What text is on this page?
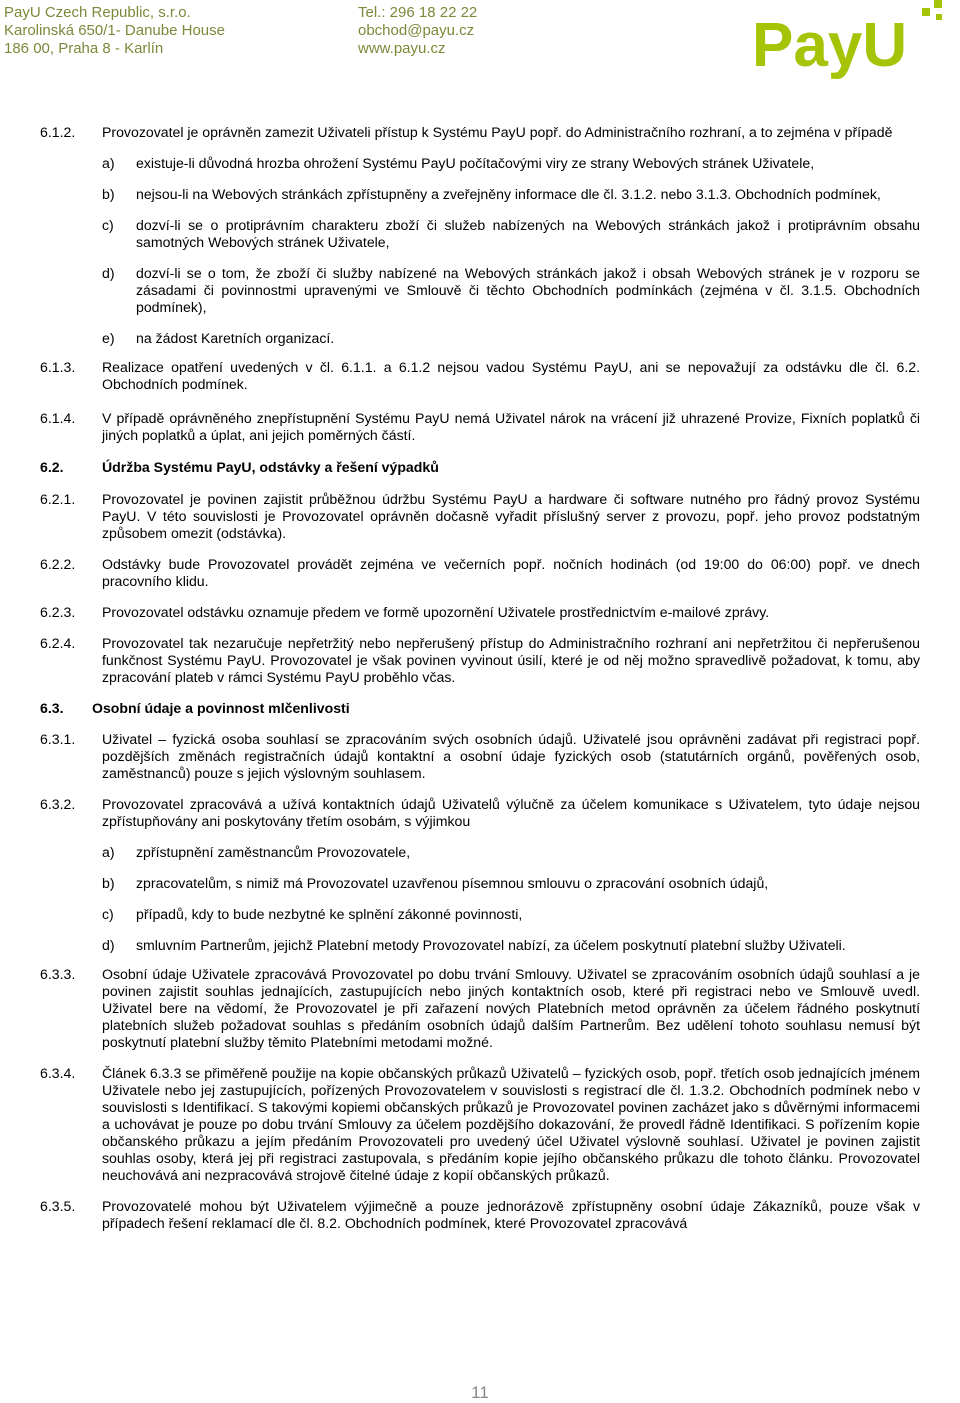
PayU Czech Republic, s.r.o.
Karolinská 650/1- Danube House
186 00, Praha 8 - Karlín
Tel.: 296 18 22 22
obchod@payu.cz
www.payu.cz	PayU
6.1.2.	Provozovatel je oprávněn zamezit Uživateli přístup k Systému PayU popř. do Administračního rozhraní, a to zejména v případě
a)	existuje-li důvodná hrozba ohrožení Systému PayU počítačovými viry ze strany Webových stránek Uživatele,
b)	nejsou-li na Webových stránkách zpřístupněny a zveřejněny informace dle čl. 3.1.2. nebo 3.1.3. Obchodních podmínek,
c)	dozví-li se o protiprávním charakteru zboží či služeb nabízených na Webových stránkách jakož i protiprávním obsahu samotných Webových stránek Uživatele,
d)	dozví-li se o tom, že zboží či služby nabízené na Webových stránkách jakož i obsah Webových stránek je v rozporu se zásadami či povinnostmi upravenými ve Smlouvě či těchto Obchodních podmínkách (zejména v čl. 3.1.5. Obchodních podmínek),
e)	na žádost Karetních organizací.
6.1.3.	Realizace opatření uvedených v čl. 6.1.1. a 6.1.2 nejsou vadou Systému PayU, ani se nepovažují za odstávku dle čl. 6.2. Obchodních podmínek.
6.1.4.	V případě oprávněného znepřístupnění Systému PayU nemá Uživatel nárok na vrácení již uhrazené Provize, Fixních poplatků či jiných poplatků a úplat, ani jejich poměrných částí.
6.2.	Údržba Systému PayU, odstávky a řešení výpadků
6.2.1.	Provozovatel je povinen zajistit průběžnou údržbu Systému PayU a hardware či software nutného pro řádný provoz Systému PayU. V této souvislosti je Provozovatel oprávněn dočasně vyřadit příslušný server z provozu, popř. jeho provoz podstatným způsobem omezit (odstávka).
6.2.2.	Odstávky bude Provozovatel provádět zejména ve večerních popř. nočních hodinách (od 19:00 do 06:00) popř. ve dnech pracovního klidu.
6.2.3.	Provozovatel odstávku oznamuje předem ve formě upozornění Uživatele prostřednictvím e-mailové zprávy.
6.2.4.	Provozovatel tak nezaručuje nepřetržitý nebo nepřerušený přístup do Administračního rozhraní ani nepřetržitou či nepřerušenou funkčnost Systému PayU. Provozovatel je však povinen vyvinout úsilí, které je od něj možno spravedlivě požadovat, k tomu, aby zpracování plateb v rámci Systému PayU proběhlo včas.
6.3.	Osobní údaje a povinnost mlčenlivosti
6.3.1.	Uživatel – fyzická osoba souhlasí se zpracováním svých osobních údajů. Uživatelé jsou oprávněni zadávat při registraci popř. pozdějších změnách registračních údajů kontaktní a osobní údaje fyzických osob (statutárních orgánů, pověřených osob, zaměstnanců) pouze s jejich výslovným souhlasem.
6.3.2.	Provozovatel zpracovává a užívá kontaktních údajů Uživatelů výlučně za účelem komunikace s Uživatelem, tyto údaje nejsou zpřístupňovány ani poskytovány třetím osobám, s výjimkou
a)	zpřístupnění zaměstnancům Provozovatele,
b)	zpracovatelům, s nimiž má Provozovatel uzavřenou písemnou smlouvu o zpracování osobních údajů,
c)	případů, kdy to bude nezbytné ke splnění zákonné povinnosti,
d)	smluvním Partnerům, jejichž Platební metody Provozovatel nabízí, za účelem poskytnutí platební služby Uživateli.
6.3.3.	Osobní údaje Uživatele zpracovává Provozovatel po dobu trvání Smlouvy. Uživatel se zpracováním osobních údajů souhlasí a je povinen zajistit souhlas jednajících, zastupujících nebo jiných kontaktních osob, které při registraci nebo ve Smlouvě uvedl. Uživatel bere na vědomí, že Provozovatel je při zařazení nových Platebních metod oprávněn za účelem řádného poskytnutí platebních služeb požadovat souhlas s předáním osobních údajů dalším Partnerům. Bez udělení tohoto souhlasu nemusí být poskytnutí platební služby těmito Platebními metodami možné.
6.3.4.	Článek 6.3.3 se přiměřeně použije na kopie občanských průkazů Uživatelů – fyzických osob, popř. třetích osob jednajících jménem Uživatele nebo jej zastupujících, pořízených Provozovatelem v souvislosti s registrací dle čl. 1.3.2. Obchodních podmínek nebo v souvislosti s Identifikací. S takovými kopiemi občanských průkazů je Provozovatel povinen zacházet jako s důvěrnými informacemi a uchovávat je pouze po dobu trvání Smlouvy za účelem pozdějšího dokazování, že provedl řádně Identifikaci. S pořízením kopie občanského průkazu a jejím předáním Provozovateli pro uvedený účel Uživatel výslovně souhlasí. Uživatel je povinen zajistit souhlas osoby, která jej při registraci zastupovala, s předáním kopie jejího občanského průkazu dle tohoto článku. Provozovatel neuchovává ani nezpracovává strojově čitelné údaje z kopií občanských průkazů.
6.3.5.	Provozovatelé mohou být Uživatelem výjimečně a pouze jednorázově zpřístupněny osobní údaje Zákazníků, pouze však v případech řešení reklamací dle čl. 8.2. Obchodních podmínek, které Provozovatel zpracovává
11
